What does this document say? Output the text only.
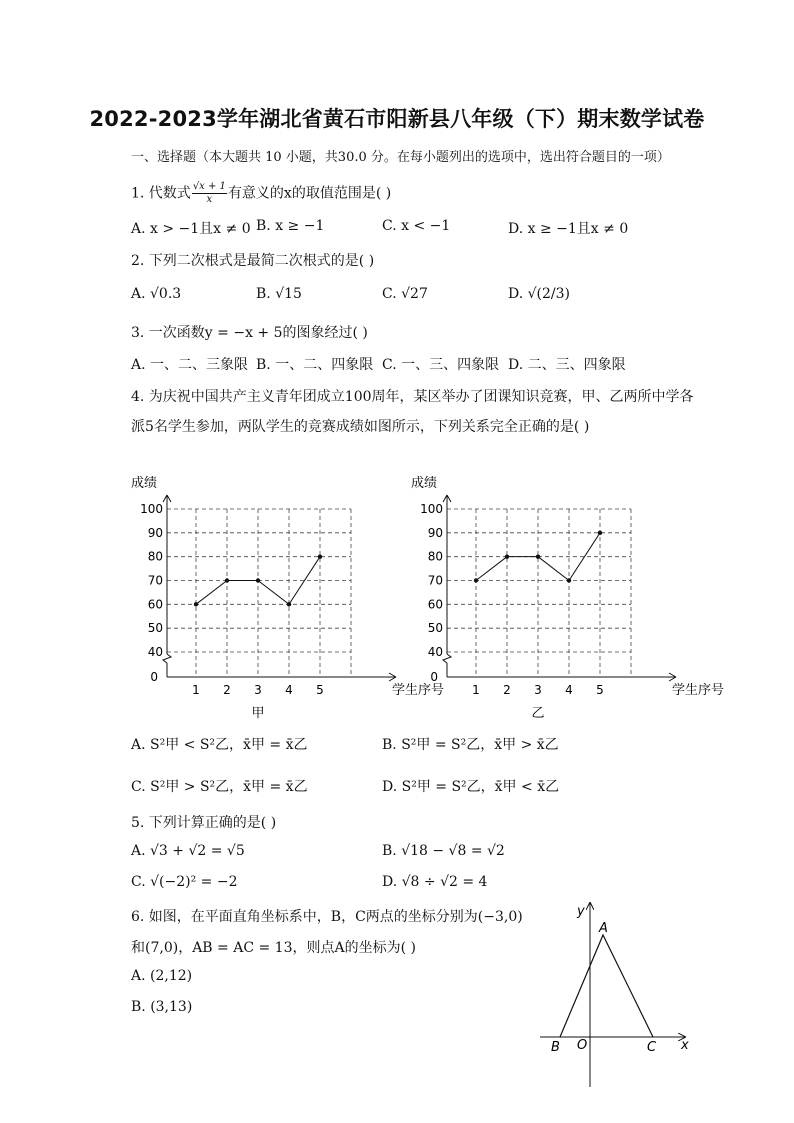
2022-2023学年湖北省黄石市阳新县八年级（下）期末数学试卷
一、选择题（本大题共 10 小题，共30.0 分。在每小题列出的选项中，选出符合题目的一项）
1. 代数式 $\frac{√x + 1}{x}$ 有意义的x的取值范围是( )
A. x > −1且x ≠ 0 B. x ≥ −1	C. x < −1	D. x ≥ −1且x ≠ 0
2. 下列二次根式是最简二次根式的是( )
A. √0.3	B. √15	C. √27	D. √(2/3)
3. 一次函数y = −x + 5的图象经过( )
A. 一、二、三象限 B. 一、二、四象限 C. 一、三、四象限 D. 二、三、四象限
4. 为庆祝中国共产主义青年团成立100周年，某区举办了团课知识竞赛，甲、乙两所中学各
派5名学生参加，两队学生的竞赛成绩如图所示，下列关系完全正确的是( )
0
40
50
60
70
80
90
100
1 2 3 4 5
成绩
学生序号
甲
0
40
50
60
70
80
90
100
1 2 3 4 5
成绩
学生序号
乙
A. S²甲 < S²乙，x̄甲 = x̄乙	B. S²甲 = S²乙，x̄甲 > x̄乙
C. S²甲 > S²乙，x̄甲 = x̄乙	D. S²甲 = S²乙，x̄甲 < x̄乙
5. 下列计算正确的是( )
A. √3 + √2 = √5	B. √18 − √8 = √2
C. √(−2)² = −2	D. √8 ÷ √2 = 4
6. 如图，在平面直角坐标系中，B，C两点的坐标分别为(−3,0)
和(7,0)，AB = AC = 13，则点A的坐标为( )
A. (2,12)
B. (3,13)
y
x
A
B O	C
